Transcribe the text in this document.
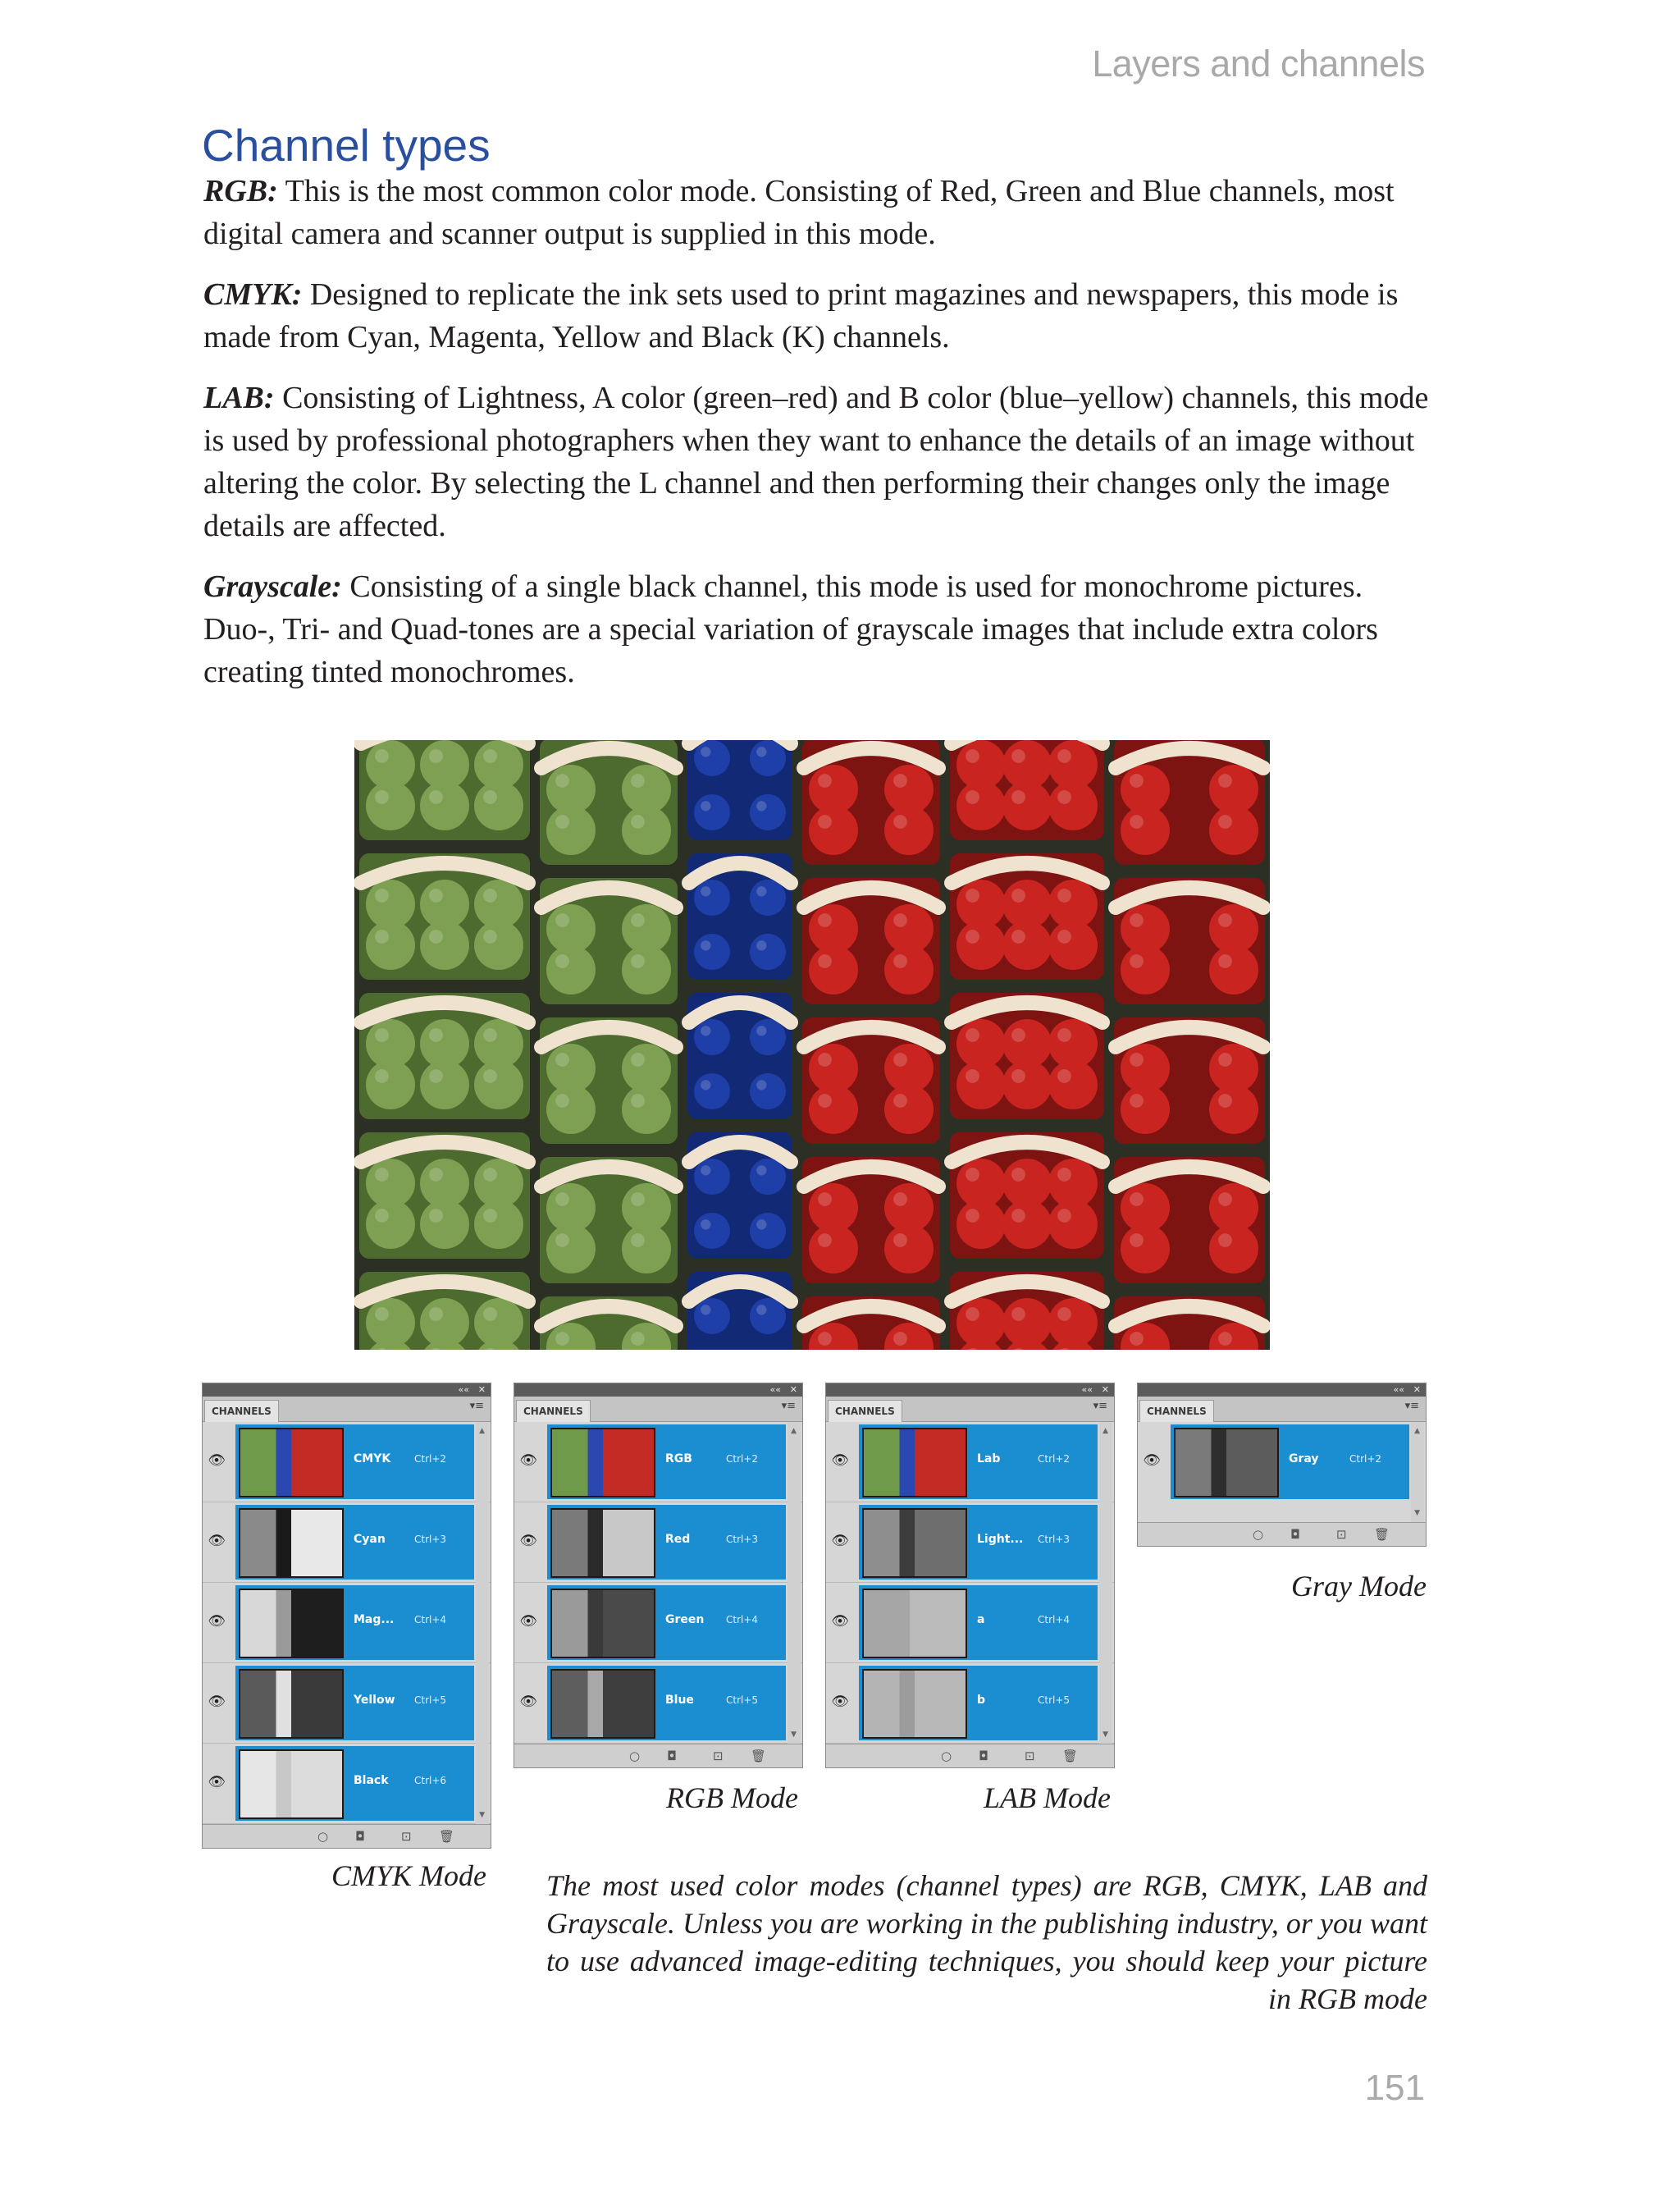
Layers and channels
Channel types

RGB: This is the most common color mode. Consisting of Red, Green and Blue channels, most digital camera and scanner output is supplied in this mode.

CMYK: Designed to replicate the ink sets used to print magazines and newspapers, this mode is made from Cyan, Magenta, Yellow and Black (K) channels.

LAB: Consisting of Lightness, A color (green–red) and B color (blue–yellow) channels, this mode is used by professional photographers when they want to enhance the details of an image without altering the color. By selecting the L channel and then performing their changes only the image details are affected.

Grayscale: Consisting of a single black channel, this mode is used for monochrome pictures. Duo-, Tri- and Quad-tones are a special variation of grayscale images that include extra colors creating tinted monochromes.

«« ✕
CHANNELS	▾≡
👁	CMYK Ctrl+2
👁	Cyan	Ctrl+3
👁	Mag... Ctrl+4
👁	Yellow Ctrl+5
👁	Black	Ctrl+6
▲
▼
○ ◘	⊡ 🗑
«« ✕
CHANNELS	▾≡
👁	RGB	Ctrl+2
👁	Red	Ctrl+3
👁	Green Ctrl+4
👁	Blue	Ctrl+5
▲
▼
○ ◘	⊡ 🗑
«« ✕
CHANNELS	▾≡
👁	Lab	Ctrl+2
👁	Light... Ctrl+3
👁	a	Ctrl+4
👁	b	Ctrl+5
▲
▼
○ ◘	⊡ 🗑
«« ✕
CHANNELS	▾≡
👁	Gray	Ctrl+2
▲
▼
○ ◘	⊡ 🗑
Gray Mode
RGB Mode	LAB Mode
CMYK Mode The most used color modes (channel types) are RGB, CMYK, LAB and Grayscale. Unless you are working in the publishing industry, or you want to use advanced image-editing techniques, you should keep your picture in RGB mode
151
